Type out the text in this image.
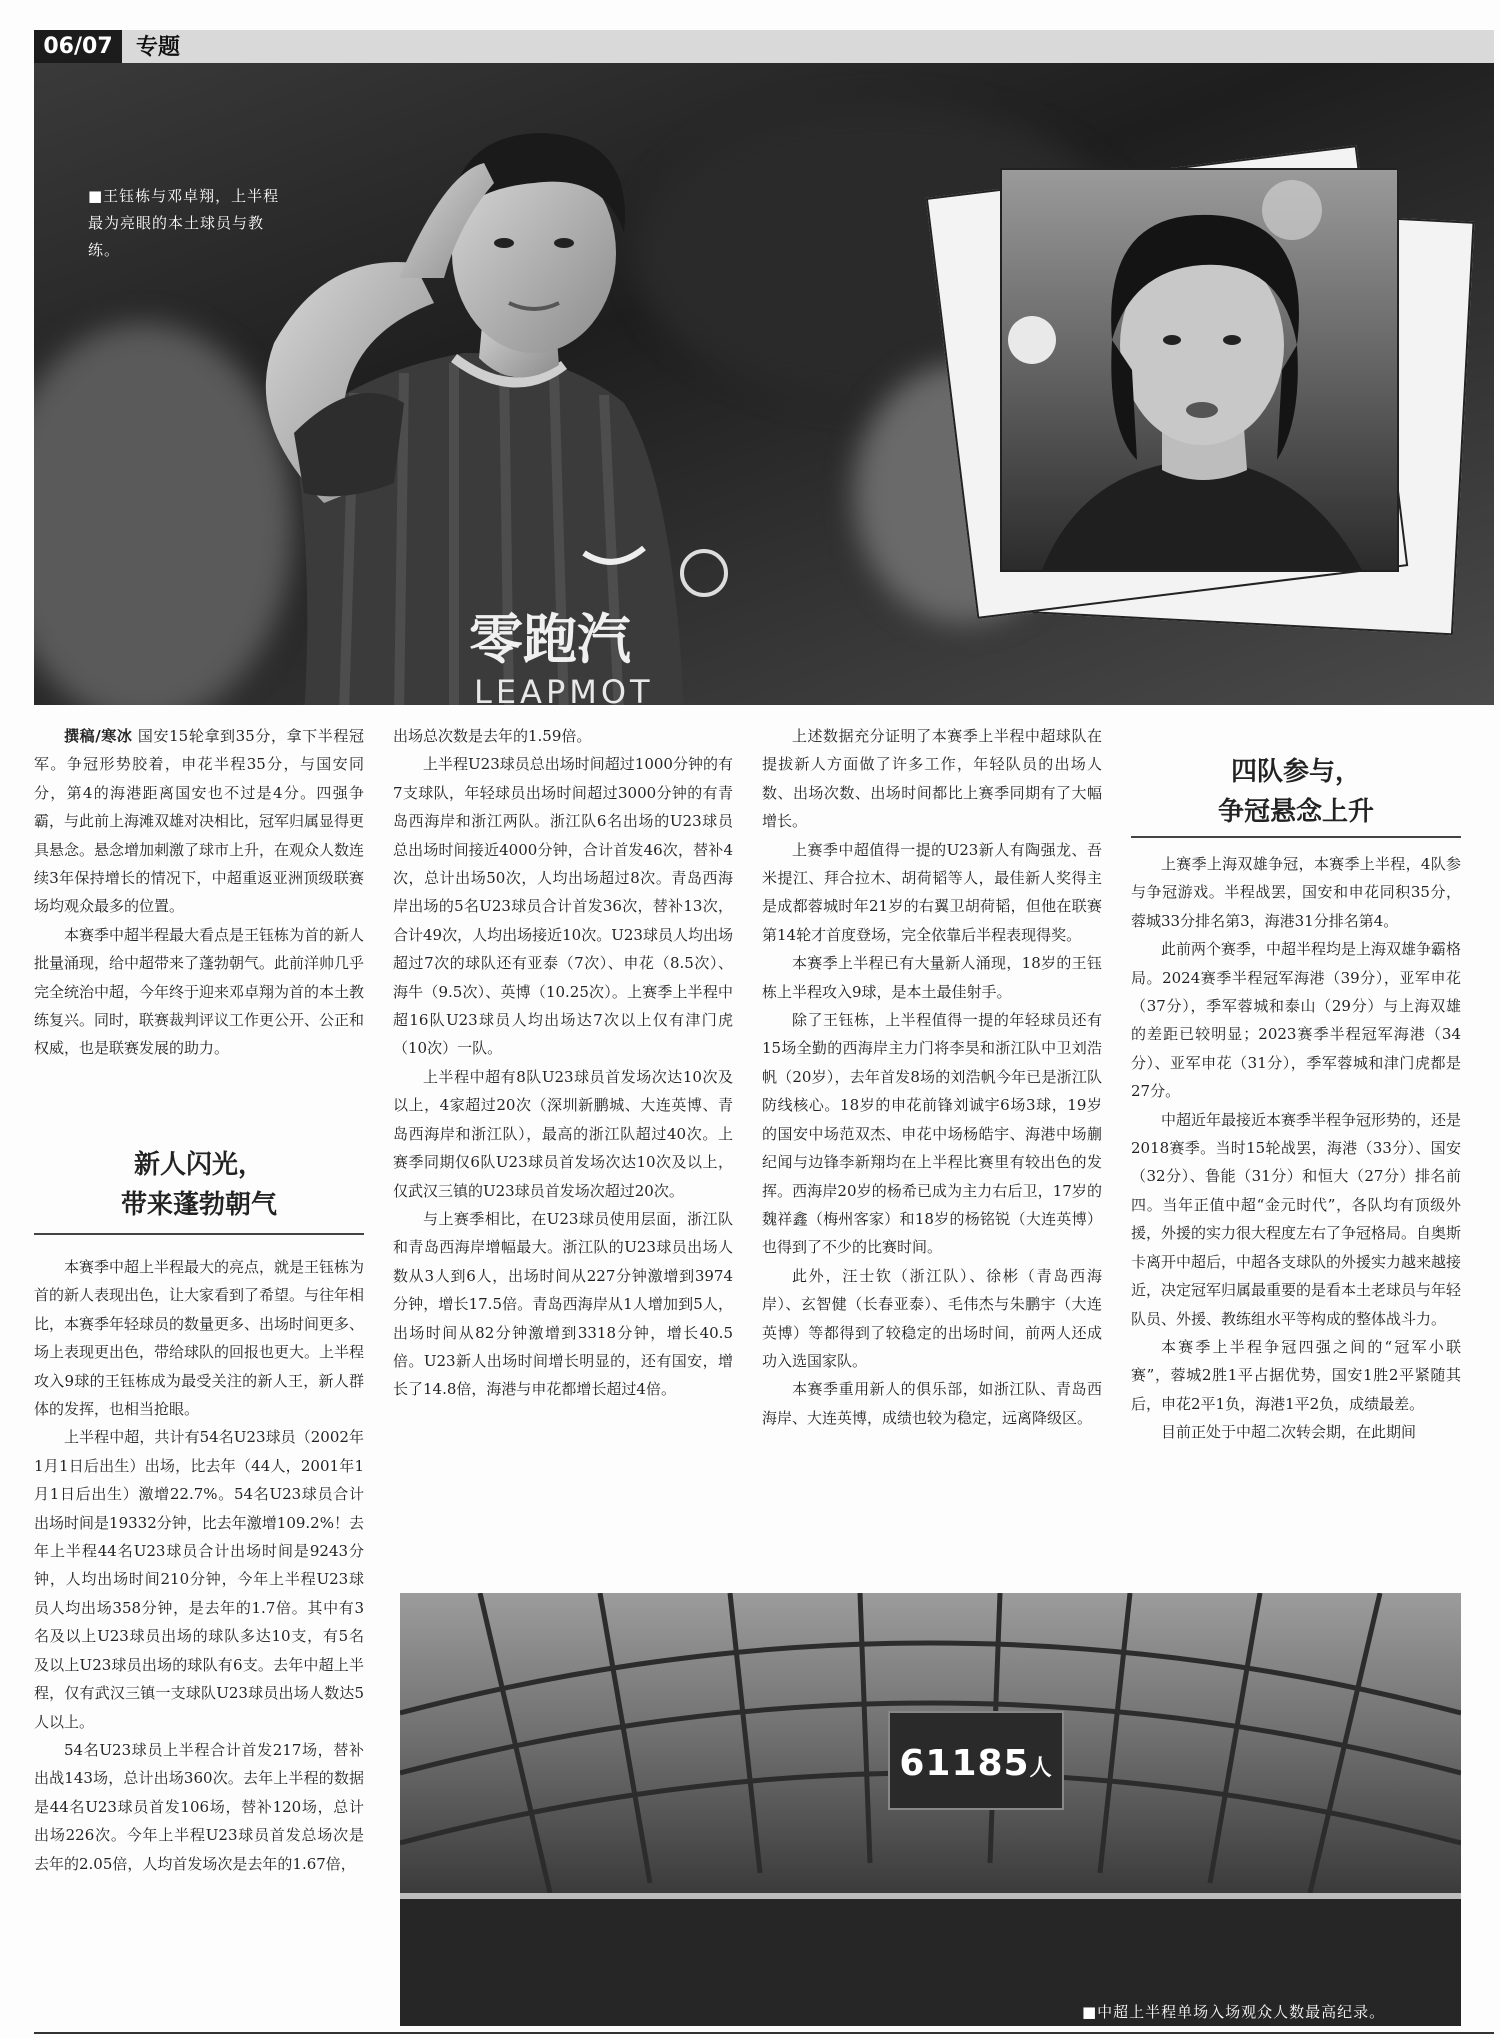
06/07	专题
零跑汽
LEAPMOT
■王钰栋与邓卓翔，上半程最为亮眼的本土球员与教练。

撰稿/寒冰 国安15轮拿到35分，拿下半程冠军。争冠形势胶着，申花半程35分，与国安同分，第4的海港距离国安也不过是4分。四强争霸，与此前上海滩双雄对决相比，冠军归属显得更具悬念。悬念增加刺激了球市上升，在观众人数连续3年保持增长的情况下，中超重返亚洲顶级联赛场均观众最多的位置。

本赛季中超半程最大看点是王钰栋为首的新人批量涌现，给中超带来了蓬勃朝气。此前洋帅几乎完全统治中超，今年终于迎来邓卓翔为首的本土教练复兴。同时，联赛裁判评议工作更公开、公正和权威，也是联赛发展的助力。

新人闪光，
带来蓬勃朝气

本赛季中超上半程最大的亮点，就是王钰栋为首的新人表现出色，让大家看到了希望。与往年相比，本赛季年轻球员的数量更多、出场时间更多、场上表现更出色，带给球队的回报也更大。上半程攻入9球的王钰栋成为最受关注的新人王，新人群体的发挥，也相当抢眼。

上半程中超，共计有54名U23球员（2002年1月1日后出生）出场，比去年（44人，2001年1月1日后出生）激增22.7%。54名U23球员合计出场时间是19332分钟，比去年激增109.2%！去年上半程44名U23球员合计出场时间是9243分钟，人均出场时间210分钟，今年上半程U23球员人均出场358分钟，是去年的1.7倍。其中有3名及以上U23球员出场的球队多达10支，有5名及以上U23球员出场的球队有6支。去年中超上半程，仅有武汉三镇一支球队U23球员出场人数达5人以上。

54名U23球员上半程合计首发217场，替补出战143场，总计出场360次。去年上半程的数据是44名U23球员首发106场，替补120场，总计出场226次。今年上半程U23球员首发总场次是去年的2.05倍，人均首发场次是去年的1.67倍，

出场总次数是去年的1.59倍。

上半程U23球员总出场时间超过1000分钟的有7支球队，年轻球员出场时间超过3000分钟的有青岛西海岸和浙江两队。浙江队6名出场的U23球员总出场时间接近4000分钟，合计首发46次，替补4次，总计出场50次，人均出场超过8次。青岛西海岸出场的5名U23球员合计首发36次，替补13次，合计49次，人均出场接近10次。U23球员人均出场超过7次的球队还有亚泰（7次）、申花（8.5次）、海牛（9.5次）、英博（10.25次）。上赛季上半程中超16队U23球员人均出场达7次以上仅有津门虎（10次）一队。

上半程中超有8队U23球员首发场次达10次及以上，4家超过20次（深圳新鹏城、大连英博、青岛西海岸和浙江队），最高的浙江队超过40次。上赛季同期仅6队U23球员首发场次达10次及以上，仅武汉三镇的U23球员首发场次超过20次。

与上赛季相比，在U23球员使用层面，浙江队和青岛西海岸增幅最大。浙江队的U23球员出场人数从3人到6人，出场时间从227分钟激增到3974分钟，增长17.5倍。青岛西海岸从1人增加到5人，出场时间从82分钟激增到3318分钟，增长40.5倍。U23新人出场时间增长明显的，还有国安，增长了14.8倍，海港与申花都增长超过4倍。

上述数据充分证明了本赛季上半程中超球队在提拔新人方面做了许多工作，年轻队员的出场人数、出场次数、出场时间都比上赛季同期有了大幅增长。

上赛季中超值得一提的U23新人有陶强龙、吾米提江、拜合拉木、胡荷韬等人，最佳新人奖得主是成都蓉城时年21岁的右翼卫胡荷韬，但他在联赛第14轮才首度登场，完全依靠后半程表现得奖。

本赛季上半程已有大量新人涌现，18岁的王钰栋上半程攻入9球，是本土最佳射手。

除了王钰栋，上半程值得一提的年轻球员还有15场全勤的西海岸主力门将李昊和浙江队中卫刘浩帆（20岁），去年首发8场的刘浩帆今年已是浙江队防线核心。18岁的申花前锋刘诚宇6场3球，19岁的国安中场范双杰、申花中场杨皓宇、海港中场蒯纪闻与边锋李新翔均在上半程比赛里有较出色的发挥。西海岸20岁的杨希已成为主力右后卫，17岁的魏祥鑫（梅州客家）和18岁的杨铭锐（大连英博）也得到了不少的比赛时间。

此外，汪士钦（浙江队）、徐彬（青岛西海岸）、玄智健（长春亚泰）、毛伟杰与朱鹏宇（大连英博）等都得到了较稳定的出场时间，前两人还成功入选国家队。

本赛季重用新人的俱乐部，如浙江队、青岛西海岸、大连英博，成绩也较为稳定，远离降级区。

四队参与，
争冠悬念上升

上赛季上海双雄争冠，本赛季上半程，4队参与争冠游戏。半程战罢，国安和申花同积35分，蓉城33分排名第3，海港31分排名第4。

此前两个赛季，中超半程均是上海双雄争霸格局。2024赛季半程冠军海港（39分），亚军申花（37分），季军蓉城和泰山（29分）与上海双雄的差距已较明显；2023赛季半程冠军海港（34分）、亚军申花（31分），季军蓉城和津门虎都是27分。

中超近年最接近本赛季半程争冠形势的，还是2018赛季。当时15轮战罢，海港（33分）、国安（32分）、鲁能（31分）和恒大（27分）排名前四。当年正值中超“金元时代”，各队均有顶级外援，外援的实力很大程度左右了争冠格局。自奥斯卡离开中超后，中超各支球队的外援实力越来越接近，决定冠军归属最重要的是看本土老球员与年轻队员、外援、教练组水平等构成的整体战斗力。

本赛季上半程争冠四强之间的“冠军小联赛”，蓉城2胜1平占据优势，国安1胜2平紧随其后，申花2平1负，海港1平2负，成绩最差。

目前正处于中超二次转会期，在此期间

61185人
■中超上半程单场入场观众人数最高纪录。
